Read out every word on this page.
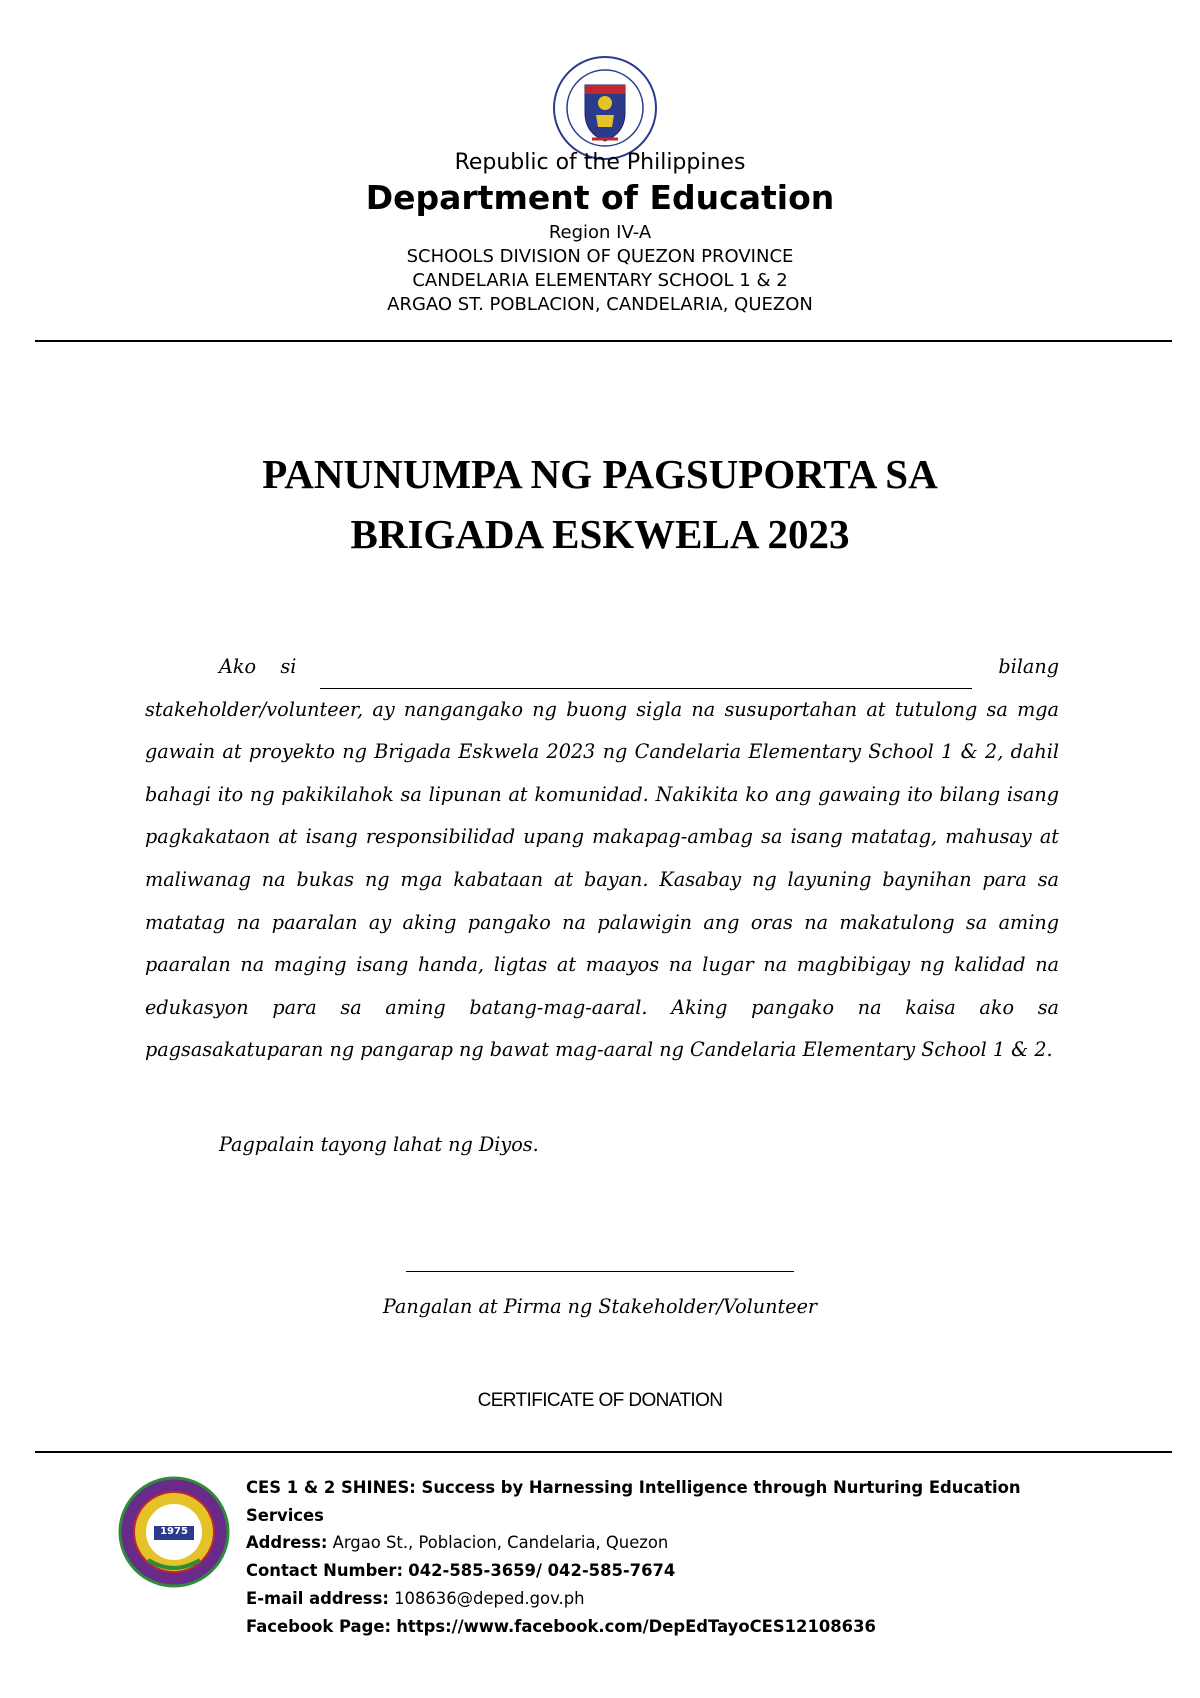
Republic of the Philippines
Department of Education
Region IV-A
SCHOOLS DIVISION OF QUEZON PROVINCE
CANDELARIA ELEMENTARY SCHOOL 1 & 2
ARGAO ST. POBLACION, CANDELARIA, QUEZON
PANUNUMPA NG PAGSUPORTA SA
BRIGADA ESKWELA 2023
Ako    si	bilang

stakeholder/volunteer, ay nangangako ng buong sigla na susuportahan at tutulong sa mga gawain at proyekto ng Brigada Eskwela 2023 ng Candelaria Elementary School 1 & 2, dahil bahagi ito ng pakikilahok sa lipunan at komunidad. Nakikita ko ang gawaing ito bilang isang pagkakataon at isang responsibilidad upang makapag-ambag sa isang matatag, mahusay at maliwanag na bukas ng mga kabataan at bayan. Kasabay ng layuning baynihan para sa matatag na paaralan ay aking pangako na palawigin ang oras na makatulong sa aming paaralan na maging isang handa, ligtas at maayos na lugar na magbibigay ng kalidad na edukasyon para sa aming batang-mag-aaral. Aking pangako na kaisa ako sa pagsasakatuparan ng pangarap ng bawat mag-aaral ng Candelaria Elementary School 1 & 2.

Pagpalain tayong lahat ng Diyos.
Pangalan at Pirma ng Stakeholder/Volunteer
CERTIFICATE OF DONATION
1975
CES 1 & 2 SHINES: Success by Harnessing Intelligence through Nurturing Education Services
Address: Argao St., Poblacion, Candelaria, Quezon
Contact Number: 042-585-3659/ 042-585-7674
E-mail address: 108636@deped.gov.ph
Facebook Page: https://www.facebook.com/DepEdTayoCES12108636
